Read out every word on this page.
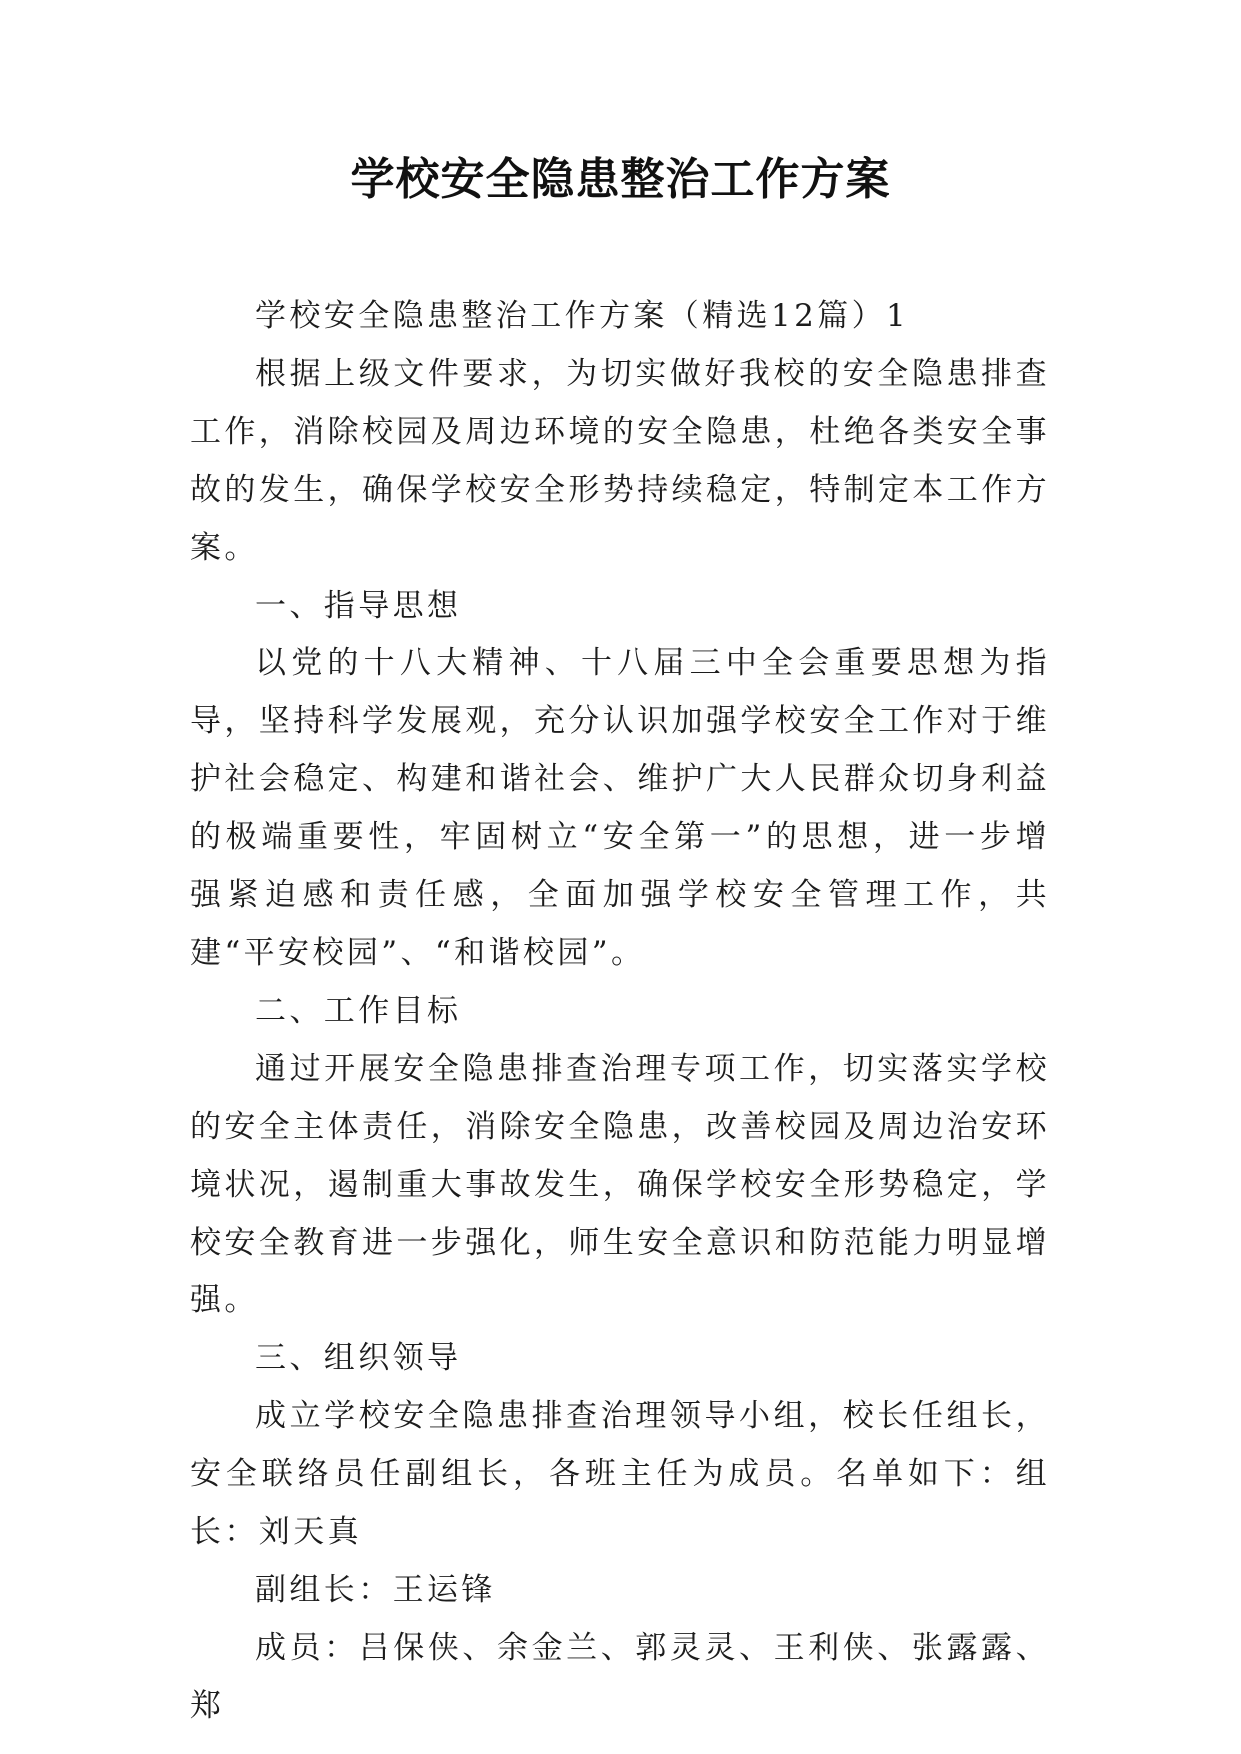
学校安全隐患整治工作方案

学校安全隐患整治工作方案（精选12篇）1

根据上级文件要求，为切实做好我校的安全隐患排查工作，消除校园及周边环境的安全隐患，杜绝各类安全事故的发生，确保学校安全形势持续稳定，特制定本工作方案。

一、指导思想

以党的十八大精神、十八届三中全会重要思想为指导，坚持科学发展观，充分认识加强学校安全工作对于维护社会稳定、构建和谐社会、维护广大人民群众切身利益的极端重要性，牢固树立“安全第一”的思想，进一步增强紧迫感和责任感，全面加强学校安全管理工作，共建“平安校园”、“和谐校园”。

二、工作目标

通过开展安全隐患排查治理专项工作，切实落实学校的安全主体责任，消除安全隐患，改善校园及周边治安环境状况，遏制重大事故发生，确保学校安全形势稳定，学校安全教育进一步强化，师生安全意识和防范能力明显增强。

三、组织领导

成立学校安全隐患排查治理领导小组，校长任组长，安全联络员任副组长，各班主任为成员。名单如下：组长：刘天真

副组长：王运锋

成员：吕保侠、余金兰、郭灵灵、王利侠、张露露、郑
